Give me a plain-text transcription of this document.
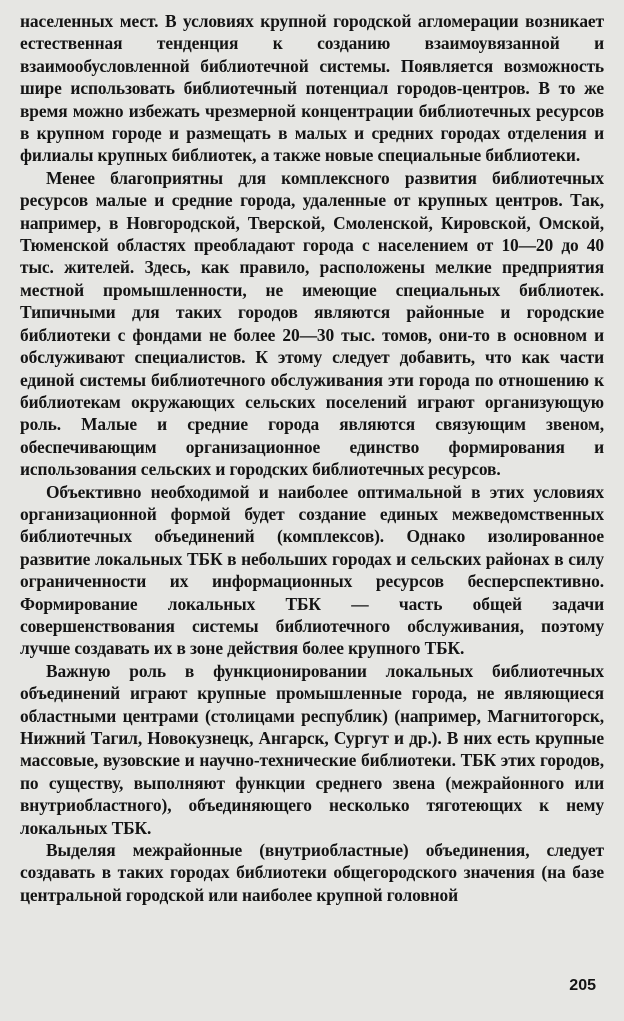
населенных мест. В условиях крупной городской агломерации возникает естественная тенденция к созданию взаимоувязанной и взаимообусловленной библиотечной системы. Появляется возможность шире использовать библиотечный потенциал городов-центров. В то же время можно избежать чрезмерной концентрации библиотечных ресурсов в крупном городе и размещать в малых и средних городах отделения и филиалы крупных библиотек, а также новые специальные библиотеки.

Менее благоприятны для комплексного развития библиотечных ресурсов малые и средние города, удаленные от крупных центров. Так, например, в Новгородской, Тверской, Смоленской, Кировской, Омской, Тюменской областях преобладают города с населением от 10—20 до 40 тыс. жителей. Здесь, как правило, расположены мелкие предприятия местной промышленности, не имеющие специальных библиотек. Типичными для таких городов являются районные и городские библиотеки с фондами не более 20—30 тыс. томов, они-то в основном и обслуживают специалистов. К этому следует добавить, что как части единой системы библиотечного обслуживания эти города по отношению к библиотекам окружающих сельских поселений играют организующую роль. Малые и средние города являются связующим звеном, обеспечивающим организационное единство формирования и использования сельских и городских библиотечных ресурсов.

Объективно необходимой и наиболее оптимальной в этих условиях организационной формой будет создание единых межведомственных библиотечных объединений (комплексов). Однако изолированное развитие локальных ТБК в небольших городах и сельских районах в силу ограниченности их информационных ресурсов бесперспективно. Формирование локальных ТБК — часть общей задачи совершенствования системы библиотечного обслуживания, поэтому лучше создавать их в зоне действия более крупного ТБК.

Важную роль в функционировании локальных библиотечных объединений играют крупные промышленные города, не являющиеся областными центрами (столицами республик) (например, Магнитогорск, Нижний Тагил, Новокузнецк, Ангарск, Сургут и др.). В них есть крупные массовые, вузовские и научно-технические библиотеки. ТБК этих городов, по существу, выполняют функции среднего звена (межрайонного или внутриобластного), объединяющего несколько тяготеющих к нему локальных ТБК.

Выделяя межрайонные (внутриобластные) объединения, следует создавать в таких городах библиотеки общегородского значения (на базе центральной городской или наиболее крупной головной

205
